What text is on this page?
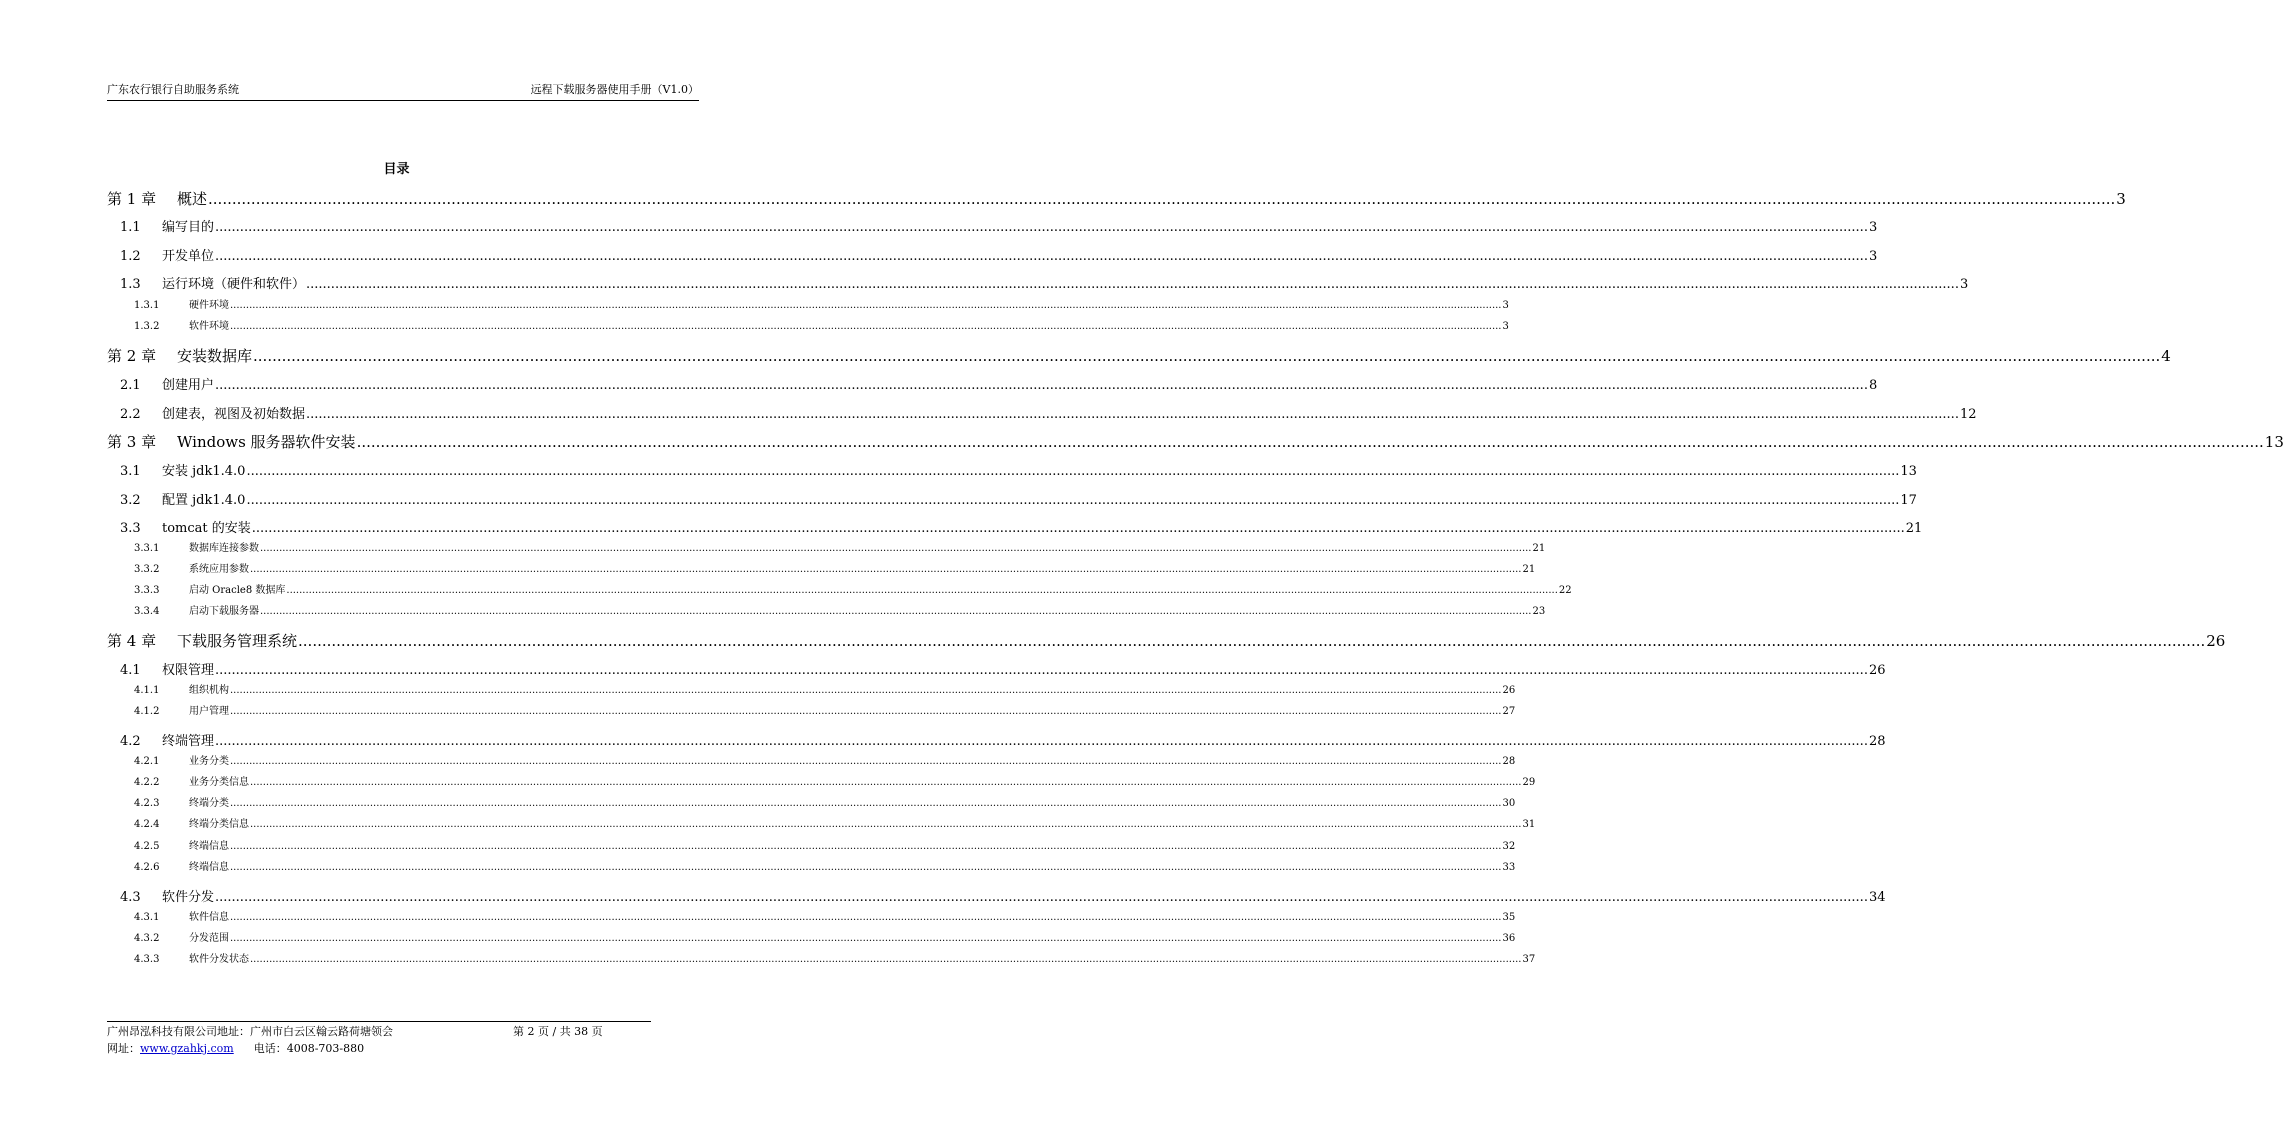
广东农行银行自助服务系统	远程下载服务器使用手册（V1.0）
目录
第 1 章	概述 ................................................................................................................................................................................................................................................................................................................................................................................................................ 3
1.1	编写目的 ................................................................................................................................................................................................................................................................................................................................................................................................................ 3
1.2	开发单位 ................................................................................................................................................................................................................................................................................................................................................................................................................ 3
1.3	运行环境（硬件和软件） ................................................................................................................................................................................................................................................................................................................................................................................................................ 3
1.3.1	硬件环境 ................................................................................................................................................................................................................................................................................................................................................................................................................ 3
1.3.2	软件环境 ................................................................................................................................................................................................................................................................................................................................................................................................................ 3
第 2 章	安装数据库 ................................................................................................................................................................................................................................................................................................................................................................................................................ 4
2.1	创建用户 ................................................................................................................................................................................................................................................................................................................................................................................................................ 8
2.2	创建表，视图及初始数据 ................................................................................................................................................................................................................................................................................................................................................................................................................ 12
第 3 章	Windows 服务器软件安装 ................................................................................................................................................................................................................................................................................................................................................................................................................ 13
3.1	安装 jdk1.4.0 ................................................................................................................................................................................................................................................................................................................................................................................................................ 13
3.2	配置 jdk1.4.0 ................................................................................................................................................................................................................................................................................................................................................................................................................ 17
3.3	tomcat 的安装 ................................................................................................................................................................................................................................................................................................................................................................................................................ 21
3.3.1	数据库连接参数 ................................................................................................................................................................................................................................................................................................................................................................................................................ 21
3.3.2	系统应用参数 ................................................................................................................................................................................................................................................................................................................................................................................................................ 21
3.3.3	启动 Oracle8 数据库 ................................................................................................................................................................................................................................................................................................................................................................................................................ 22
3.3.4	启动下载服务器 ................................................................................................................................................................................................................................................................................................................................................................................................................ 23
第 4 章	下载服务管理系统 ................................................................................................................................................................................................................................................................................................................................................................................................................ 26
4.1	权限管理 ................................................................................................................................................................................................................................................................................................................................................................................................................ 26
4.1.1	组织机构 ................................................................................................................................................................................................................................................................................................................................................................................................................ 26
4.1.2	用户管理 ................................................................................................................................................................................................................................................................................................................................................................................................................ 27
4.2	终端管理 ................................................................................................................................................................................................................................................................................................................................................................................................................ 28
4.2.1	业务分类 ................................................................................................................................................................................................................................................................................................................................................................................................................ 28
4.2.2	业务分类信息 ................................................................................................................................................................................................................................................................................................................................................................................................................ 29
4.2.3	终端分类 ................................................................................................................................................................................................................................................................................................................................................................................................................ 30
4.2.4	终端分类信息 ................................................................................................................................................................................................................................................................................................................................................................................................................ 31
4.2.5	终端信息 ................................................................................................................................................................................................................................................................................................................................................................................................................ 32
4.2.6	终端信息 ................................................................................................................................................................................................................................................................................................................................................................................................................ 33
4.3	软件分发 ................................................................................................................................................................................................................................................................................................................................................................................................................ 34
4.3.1	软件信息 ................................................................................................................................................................................................................................................................................................................................................................................................................ 35
4.3.2	分发范围 ................................................................................................................................................................................................................................................................................................................................................................................................................ 36
4.3.3	软件分发状态 ................................................................................................................................................................................................................................................................................................................................................................................................................ 37
广州昂泓科技有限公司地址：广州市白云区翰云路荷塘领会	第 2 页 / 共 38 页
网址：www.gzahkj.com 电话：4008-703-880
